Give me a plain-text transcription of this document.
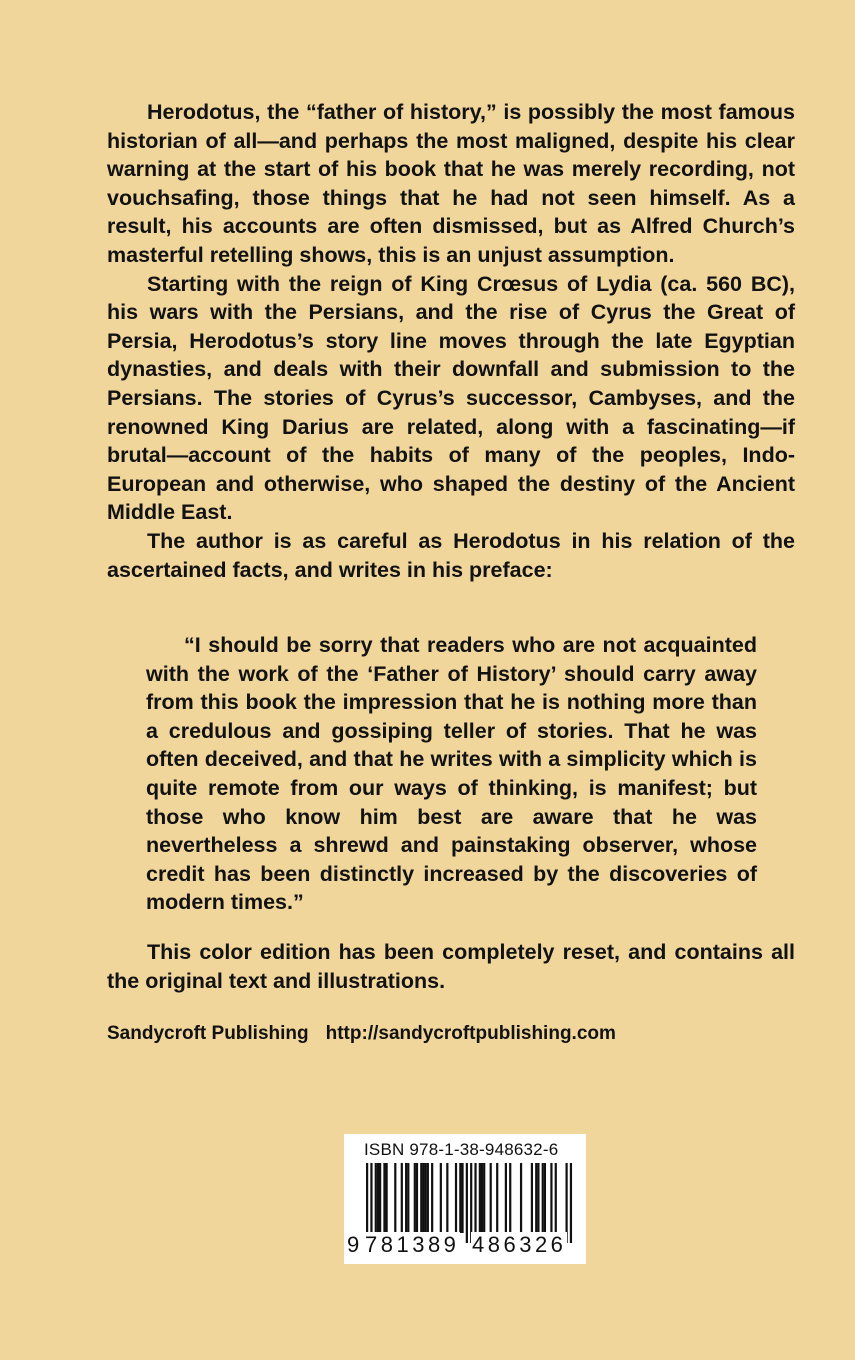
Herodotus, the “father of history,” is possibly the most famous historian of all—and perhaps the most maligned, despite his clear warning at the start of his book that he was merely recording, not vouchsafing, those things that he had not seen himself. As a result, his accounts are often dismissed, but as Alfred Church’s masterful retelling shows, this is an unjust assumption.

Starting with the reign of King Crœsus of Lydia (ca. 560 BC), his wars with the Persians, and the rise of Cyrus the Great of Persia, Herodotus’s story line moves through the late Egyptian dynasties, and deals with their downfall and submission to the Persians. The stories of Cyrus’s successor, Cambyses, and the renowned King Darius are related, along with a fascinating—if brutal—account of the habits of many of the peoples, Indo-European and otherwise, who shaped the destiny of the Ancient Middle East.

The author is as careful as Herodotus in his relation of the ascertained facts, and writes in his preface:

“I should be sorry that readers who are not acquainted with the work of the ‘Father of History’ should carry away from this book the impression that he is nothing more than a credulous and gossiping teller of stories. That he was often deceived, and that he writes with a simplicity which is quite remote from our ways of thinking, is manifest; but those who know him best are aware that he was nevertheless a shrewd and painstaking observer, whose credit has been distinctly increased by the discoveries of modern times.”

This color edition has been completely reset, and contains all the original text and illustrations.

Sandycroft Publishing http://sandycroftpublishing.com
ISBN 978-1-38-948632-6
9 781389 486326
